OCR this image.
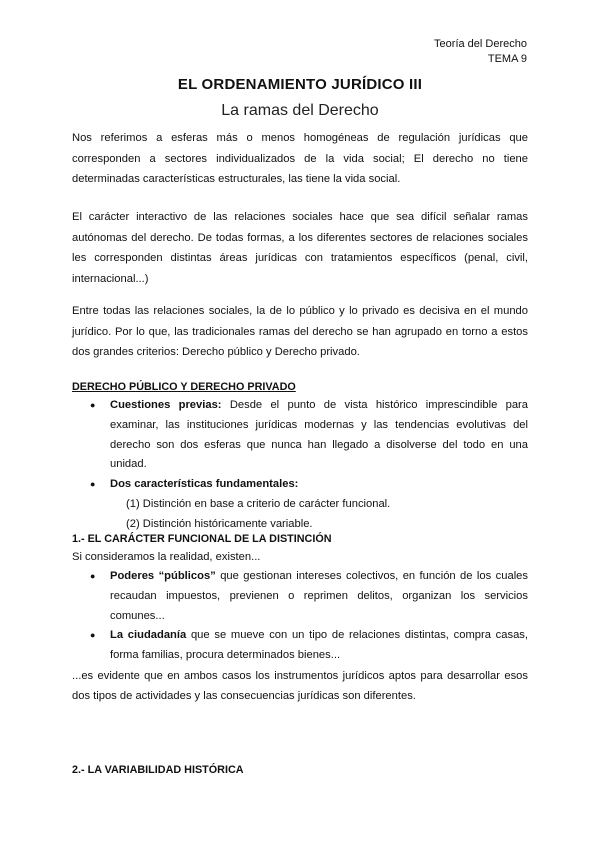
Teoría del Derecho
TEMA 9
EL ORDENAMIENTO JURÍDICO III
La ramas del Derecho

Nos referimos a esferas más o menos homogéneas de regulación jurídicas que corresponden a sectores individualizados de la vida social; El derecho no tiene determinadas características estructurales, las tiene la vida social.

El carácter interactivo de las relaciones sociales hace que sea difícil señalar ramas autónomas del derecho. De todas formas, a los diferentes sectores de relaciones sociales les corresponden distintas áreas jurídicas con tratamientos específicos (penal, civil, internacional...)

Entre todas las relaciones sociales, la de lo público y lo privado es decisiva en el mundo jurídico. Por lo que, las tradicionales ramas del derecho se han agrupado en torno a estos dos grandes criterios: Derecho público y Derecho privado.

DERECHO PÚBLICO Y DERECHO PRIVADO

● Cuestiones previas: Desde el punto de vista histórico imprescindible para examinar, las instituciones jurídicas modernas y las tendencias evolutivas del derecho son dos esferas que nunca han llegado a disolverse del todo en una unidad.
● Dos características fundamentales:
(1) Distinción en base a criterio de carácter funcional.
(2) Distinción históricamente variable.

1.- EL CARÁCTER FUNCIONAL DE LA DISTINCIÓN

Si consideramos la realidad, existen...
● Poderes “públicos” que gestionan intereses colectivos, en función de los cuales recaudan impuestos, previenen o reprimen delitos, organizan los servicios comunes...
● La ciudadanía que se mueve con un tipo de relaciones distintas, compra casas, forma familias, procura determinados bienes...

...es evidente que en ambos casos los instrumentos jurídicos aptos para desarrollar esos dos tipos de actividades y las consecuencias jurídicas son diferentes.

2.- LA VARIABILIDAD HISTÓRICA
